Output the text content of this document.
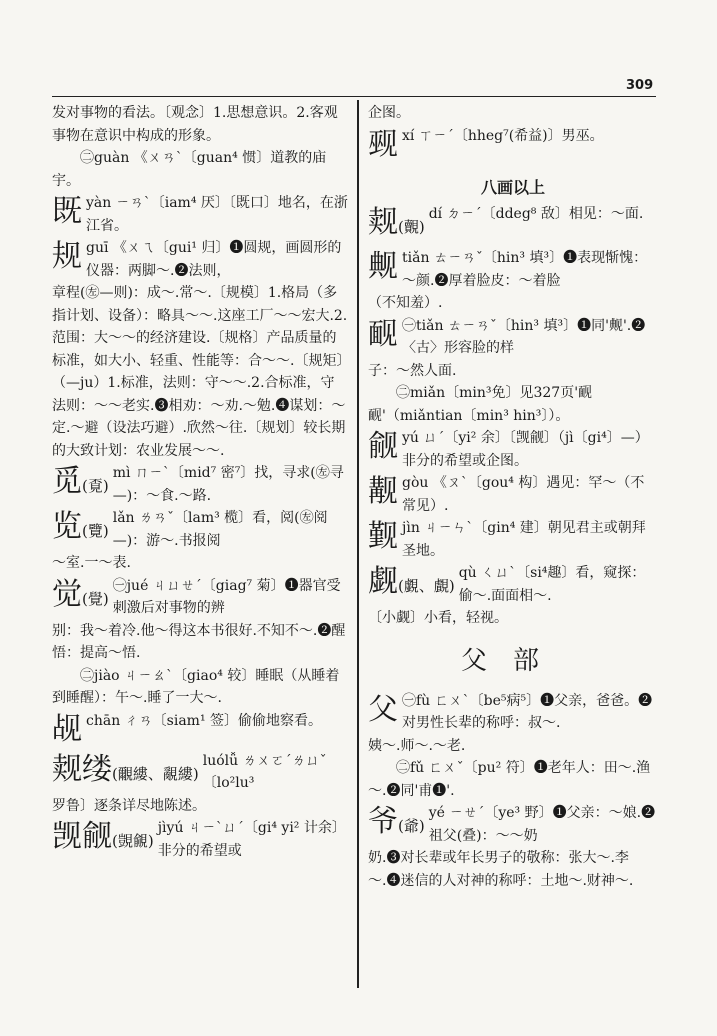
309

发对事物的看法。〔观念〕1.思想意识。2.客观事物在意识中构成的形象。

㊁guàn 《ㄨㄢˋ〔guan⁴ 惯〕道教的庙宇。

既 yàn ㄧㄢˋ〔iam⁴ 厌〕〔既口〕地名，在浙江省。
规 guī 《ㄨㄟ〔gui¹ 归〕❶圆规，画圆形的仪器：两脚～.❷法则，

章程(㊧—则)：成～.常～.〔规模〕1.格局（多指计划、设备）：略具～～.这座工厂～～宏大.2.范围：大～～的经济建设.〔规格〕产品质量的标准，如大小、轻重、性能等：合～～.〔规矩〕（—ju）1.标准，法则：守～～.2.合标准，守法则：～～老实.❸相劝：～劝.～勉.❹谋划：～定.～避（设法巧避）.欣然～往.〔规划〕较长期的大致计划：农业发展～～.

觅(覔)
mì ㄇㄧˋ〔mid⁷ 密⁷〕找，寻求(㊧寻—)：～食.～路.
览(覽)
lǎn ㄌㄢˇ〔lam³ 榄〕看，阅(㊧阅—)：游～.书报阅

～室.一～表.

觉(覺)
㊀jué ㄐㄩㄝˊ〔giag⁷ 菊〕❶器官受刺激后对事物的辨

别：我～着冷.他～得这本书很好.不知不～.❷醒悟：提高～悟.

㊁jiào ㄐㄧㄠˋ〔giao⁴ 较〕睡眠（从睡着到睡醒）：午～.睡了一大～.

觇 chān ㄔㄢ〔siam¹ 签〕偷偷地察看。
觌缕(覼縷、覶縷)
luólǚ ㄌㄨㄛˊㄌㄩˇ〔lo²lu³

罗鲁〕逐条详尽地陈述。

觊觎(覬覦)
jìyú ㄐㄧˋㄩˊ〔gi⁴ yi² 计余〕非分的希望或

企图。

觋 xí ㄒㄧˊ〔hheg⁷(希益)〕男巫。
八画以上
觌(覿)
dí ㄉㄧˊ〔ddeg⁸ 敌〕相见：～面.
觍 tiǎn ㄊㄧㄢˇ〔hin³ 填³〕❶表现惭愧：～颜.❷厚着脸皮：～着脸

（不知羞）.

䩄 ㊀tiǎn ㄊㄧㄢˇ〔hin³ 填³〕❶同'觍'.❷〈古〉形容脸的样

子：～然人面.

㊁miǎn〔min³免〕见327页'䩄䩄'（miǎntian〔min³ hin³〕）。

觎 yú ㄩˊ〔yi² 余〕〔觊觎〕（jì〔gi⁴〕—）非分的希望或企图。
觏 gòu 《ㄡˋ〔gou⁴ 构〕遇见：罕～（不常见）.
觐 jìn ㄐㄧㄣˋ〔gin⁴ 建〕朝见君主或朝拜圣地。
觑(覷、覰)
qù ㄑㄩˋ〔si⁴趣〕看，窥探：偷～.面面相～.

〔小觑〕小看，轻视。

父部
父 ㊀fù ㄈㄨˋ〔be⁵病⁵〕❶父亲，爸爸。❷对男性长辈的称呼：叔～.

姨～.师～.～老.

㊁fǔ ㄈㄨˇ〔pu² 符〕❶老年人：田～.渔～.❷同'甫❶'.

爷(爺)
yé ㄧㄝˊ〔ye³ 野〕❶父亲：～娘.❷祖父(叠)：～～奶

奶.❸对长辈或年长男子的敬称：张大～.李～.❹迷信的人对神的称呼：土地～.财神～.
